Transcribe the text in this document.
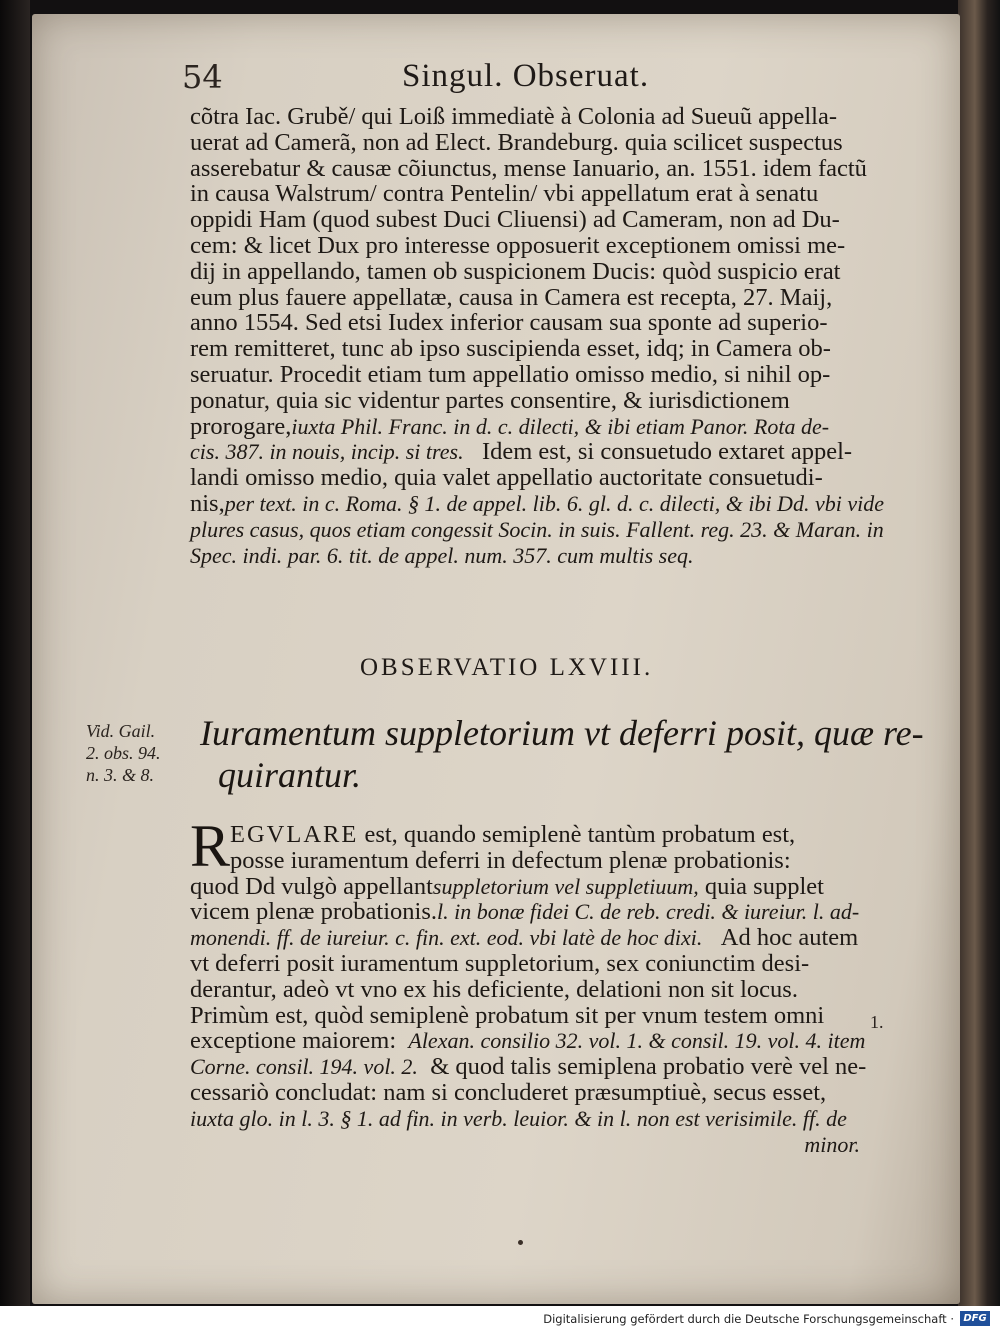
54	Singul. Obseruat.
cõtra Iac. Grubě/ qui Loiß immediatè à Colonia ad Sueuũ appella-
uerat ad Camerã, non ad Elect. Brandeburg. quia scilicet suspectus
asserebatur & causæ cõiunctus, mense Ianuario, an. 1551. idem factũ
in causa Walstrum/ contra Pentelin/ vbi appellatum erat à senatu
oppidi Ham (quod subest Duci Cliuensi) ad Cameram, non ad Du-
cem: & licet Dux pro interesse opposuerit exceptionem omissi me-
dij in appellando, tamen ob suspicionem Ducis: quòd suspicio erat
eum plus fauere appellatæ, causa in Camera est recepta, 27. Maij,
anno 1554. Sed etsi Iudex inferior causam sua sponte ad superio-
rem remitteret, tunc ab ipso suscipienda esset, idq; in Camera ob-
seruatur. Procedit etiam tum appellatio omisso medio, si nihil op-
ponatur, quia sic videntur partes consentire, & iurisdictionem
prorogare,iuxta Phil. Franc. in d. c. dilecti, & ibi etiam Panor. Rota de-
cis. 387. in nouis, incip. si tres. Idem est, si consuetudo extaret appel-
landi omisso medio, quia valet appellatio auctoritate consuetudi-
nis,per text. in c. Roma. § 1. de appel. lib. 6. gl. d. c. dilecti, & ibi Dd. vbi vide
plures casus, quos etiam congessit Socin. in suis. Fallent. reg. 23. & Maran. in
Spec. indi. par. 6. tit. de appel. num. 357. cum multis seq.
OBSERVATIO LXVIII.
Vid. Gail.
2. obs. 94.
n. 3. & 8.
Iuramentum suppletorium vt deferri posit, quæ re-
quirantur.
R EGVLARE est, quando semiplenè tantùm probatum est,
posse iuramentum deferri in defectum plenæ probationis:
quod Dd vulgò appellantsuppletorium vel suppletiuum, quia supplet
vicem plenæ probationis.l. in bonæ fidei C. de reb. credi. & iureiur. l. ad-
monendi. ff. de iureiur. c. fin. ext. eod. vbi latè de hoc dixi. Ad hoc autem
vt deferri posit iuramentum suppletorium, sex coniunctim desi-
derantur, adeò vt vno ex his deficiente, delationi non sit locus.
Primùm est, quòd semiplenè probatum sit per vnum testem omni
exceptione maiorem: Alexan. consilio 32. vol. 1. & consil. 19. vol. 4. item
Corne. consil. 194. vol. 2. & quod talis semiplena probatio verè vel ne-
cessariò concludat: nam si concluderet præsumptiuè, secus esset,
iuxta glo. in l. 3. § 1. ad fin. in verb. leuior. & in l. non est verisimile. ff. de
minor.
1.
Digitalisierung gefördert durch die Deutsche Forschungsgemeinschaft · DFG
